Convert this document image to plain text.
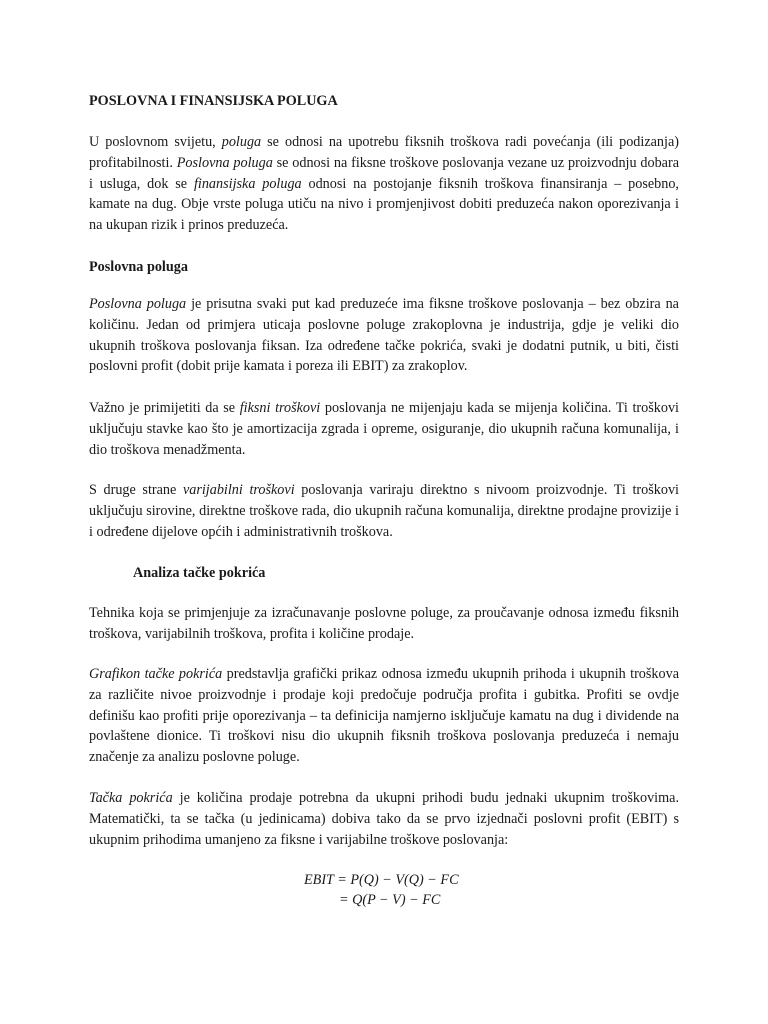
POSLOVNA I FINANSIJSKA POLUGA

U poslovnom svijetu, poluga se odnosi na upotrebu fiksnih troškova radi povećanja (ili podizanja) profitabilnosti. Poslovna poluga se odnosi na fiksne troškove poslovanja vezane uz proizvodnju dobara i usluga, dok se finansijska poluga odnosi na postojanje fiksnih troškova finansiranja – posebno, kamate na dug. Obje vrste poluga utiču na nivo i promjenjivost dobiti preduzeća nakon oporezivanja i na ukupan rizik i prinos preduzeća.

Poslovna poluga

Poslovna poluga je prisutna svaki put kad preduzeće ima fiksne troškove poslovanja – bez obzira na količinu. Jedan od primjera uticaja poslovne poluge zrakoplovna je industrija, gdje je veliki dio ukupnih troškova poslovanja fiksan. Iza određene tačke pokrića, svaki je dodatni putnik, u biti, čisti poslovni profit (dobit prije kamata i poreza ili EBIT) za zrakoplov.

Važno je primijetiti da se fiksni troškovi poslovanja ne mijenjaju kada se mijenja količina. Ti troškovi uključuju stavke kao što je amortizacija zgrada i opreme, osiguranje, dio ukupnih računa komunalija, i dio troškova menadžmenta.

S druge strane varijabilni troškovi poslovanja variraju direktno s nivoom proizvodnje. Ti troškovi uključuju sirovine, direktne troškove rada, dio ukupnih računa komunalija, direktne prodajne provizije i i određene dijelove općih i administrativnih troškova.

Analiza tačke pokrića

Tehnika koja se primjenjuje za izračunavanje poslovne poluge, za proučavanje odnosa između fiksnih troškova, varijabilnih troškova, profita i količine prodaje.

Grafikon tačke pokrića predstavlja grafički prikaz odnosa između ukupnih prihoda i ukupnih troškova za različite nivoe proizvodnje i prodaje koji predočuje područja profita i gubitka. Profiti se ovdje definišu kao profiti prije oporezivanja – ta definicija namjerno isključuje kamatu na dug i dividende na povlaštene dionice. Ti troškovi nisu dio ukupnih fiksnih troškova poslovanja preduzeća i nemaju značenje za analizu poslovne poluge.

Tačka pokrića je količina prodaje potrebna da ukupni prihodi budu jednaki ukupnim troškovima. Matematički, ta se tačka (u jedinicama) dobiva tako da se prvo izjednači poslovni profit (EBIT) s ukupnim prihodima umanjeno za fiksne i varijabilne troškove poslovanja:

EBIT = P(Q) − V(Q) − FC
= Q(P − V) − FC
